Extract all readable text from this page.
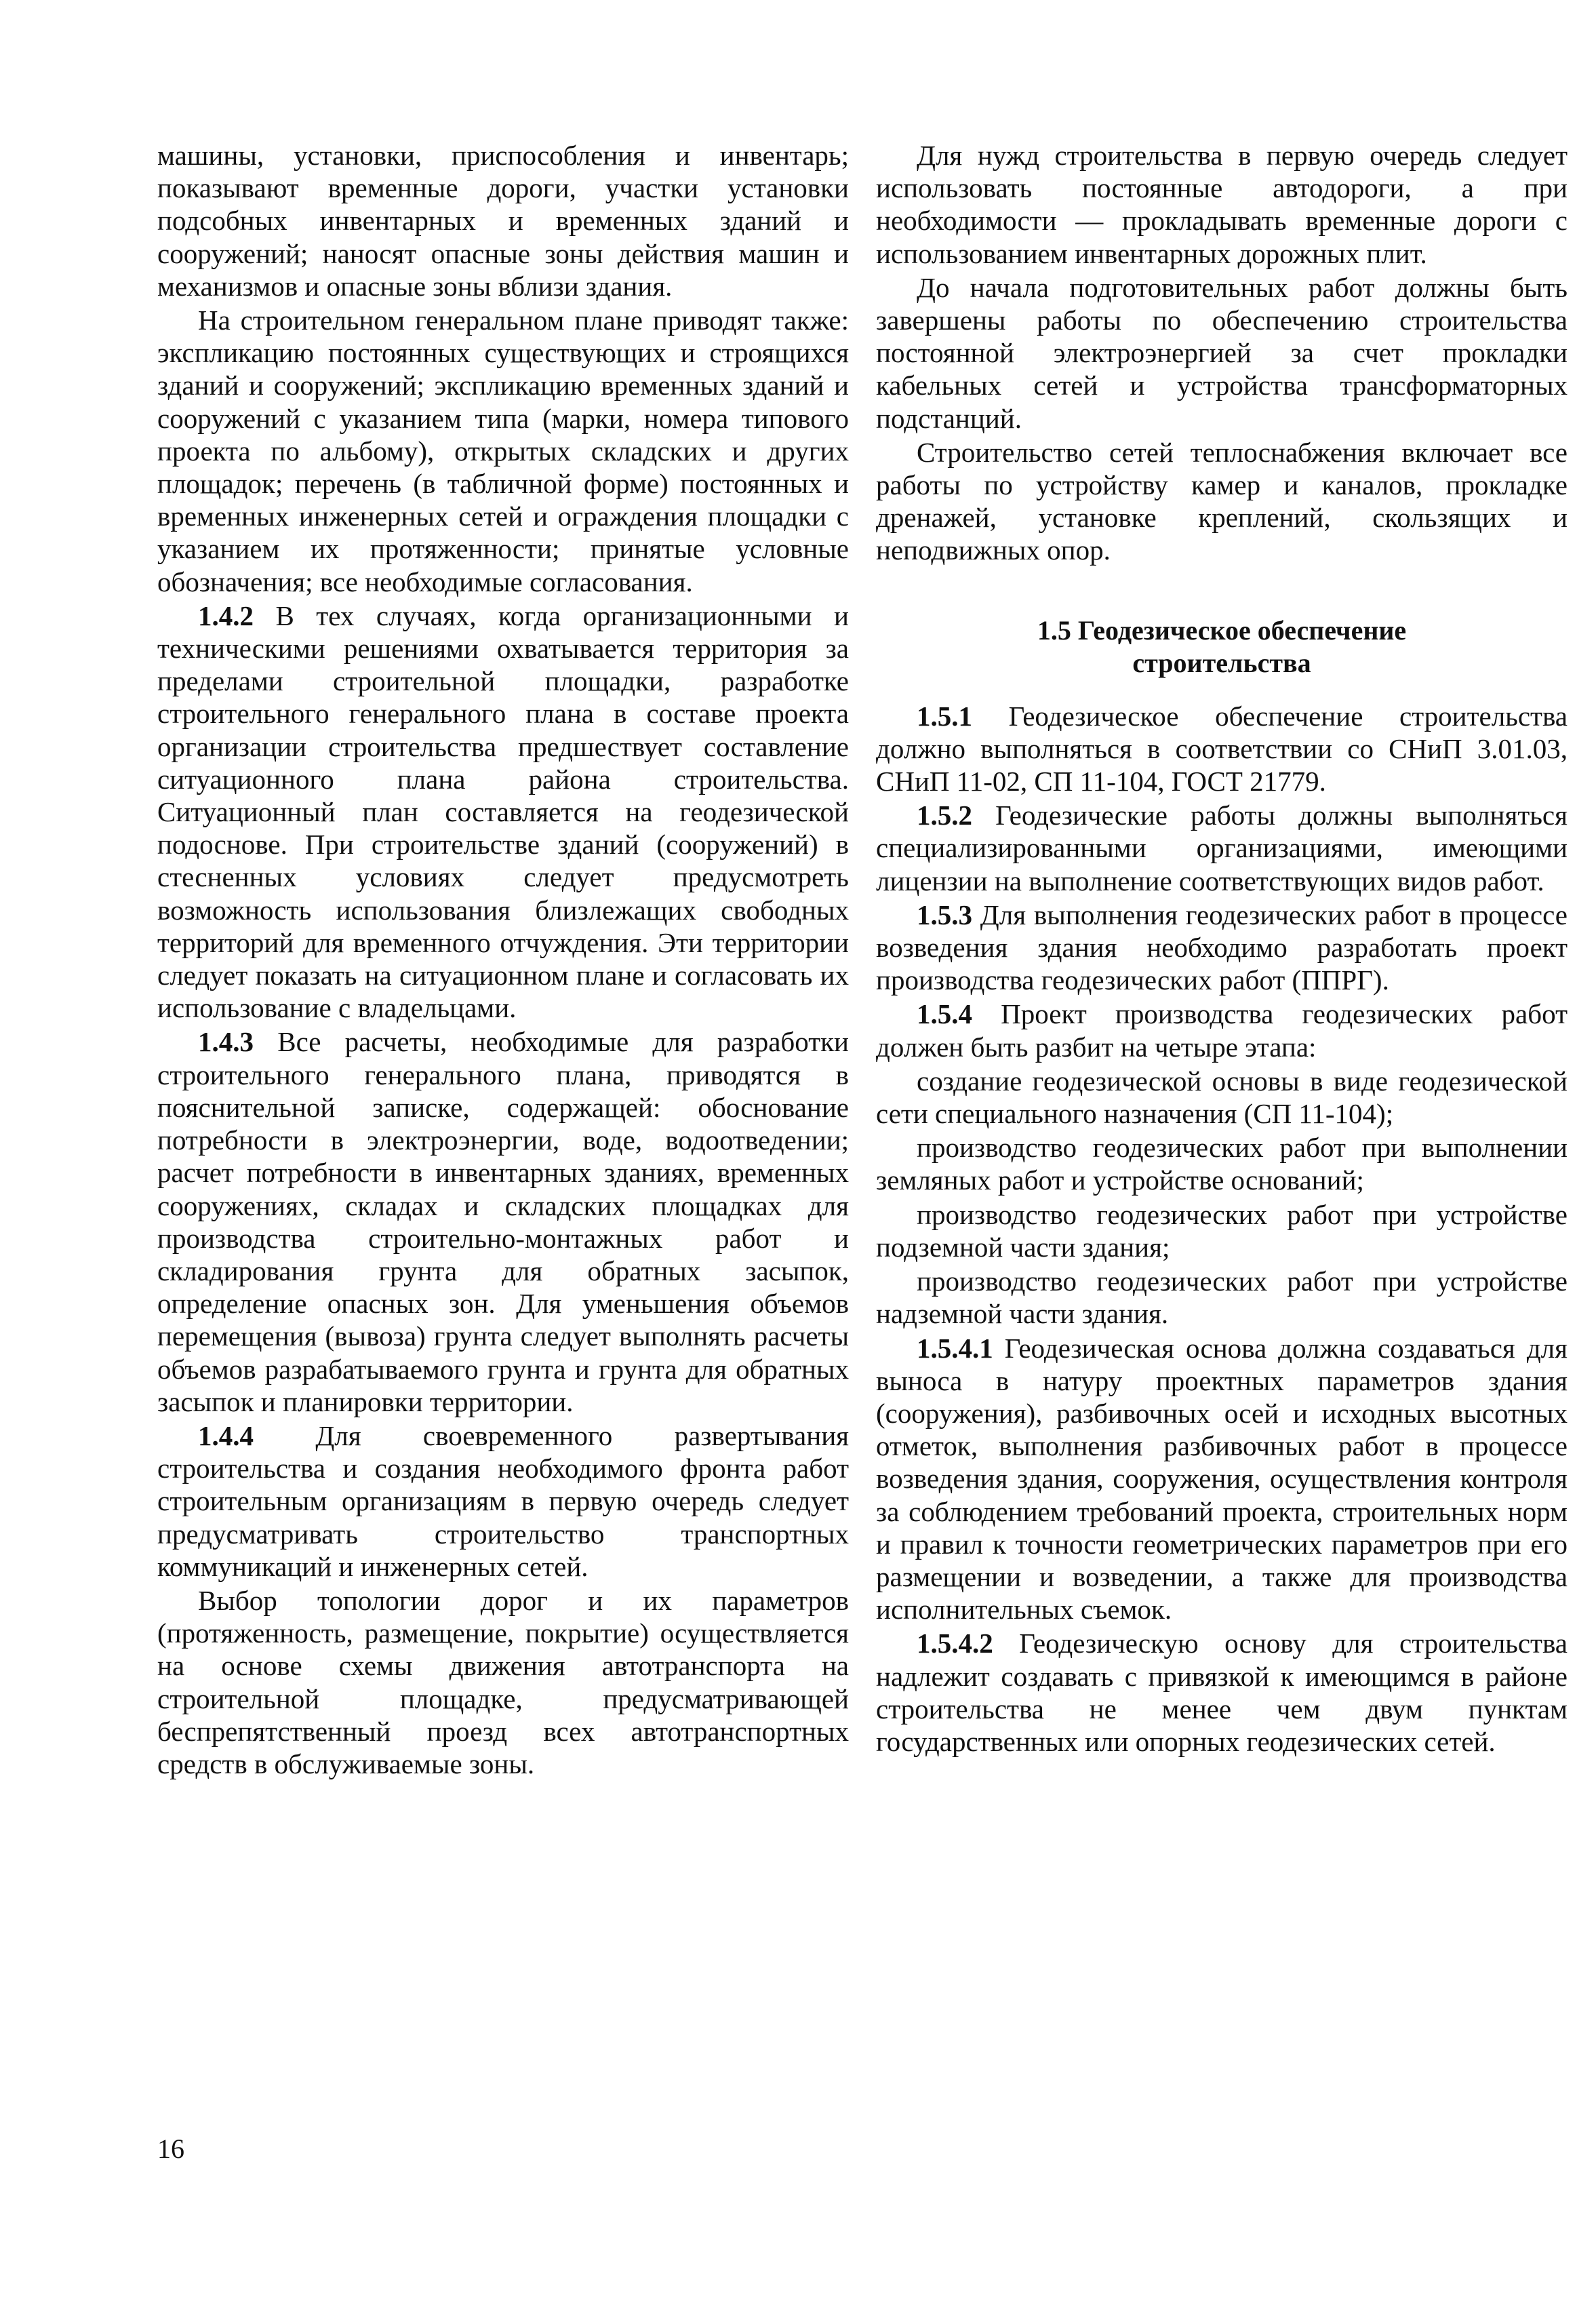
машины, установки, приспособления и инвентарь; показывают временные дороги, участки установки подсобных инвентарных и временных зданий и сооружений; наносят опасные зоны действия машин и механизмов и опасные зоны вблизи здания.

На строительном генеральном плане приводят также: экспликацию постоянных существующих и строящихся зданий и сооружений; экспликацию временных зданий и сооружений с указанием типа (марки, номера типового проекта по альбому), открытых складских и других площадок; перечень (в табличной форме) постоянных и временных инженерных сетей и ограждения площадки с указанием их протяженности; принятые условные обозначения; все необходимые согласования.

1.4.2 В тех случаях, когда организационными и техническими решениями охватывается территория за пределами строительной площадки, разработке строительного генерального плана в составе проекта организации строительства предшествует составление ситуационного плана района строительства. Ситуационный план составляется на геодезической подоснове. При строительстве зданий (сооружений) в стесненных условиях следует предусмотреть возможность использования близлежащих свободных территорий для временного отчуждения. Эти территории следует показать на ситуационном плане и согласовать их использование с владельцами.

1.4.3 Все расчеты, необходимые для разработки строительного генерального плана, приводятся в пояснительной записке, содержащей: обоснование потребности в электроэнергии, воде, водоотведении; расчет потребности в инвентарных зданиях, временных сооружениях, складах и складских площадках для производства строительно-монтажных работ и складирования грунта для обратных засыпок, определение опасных зон. Для уменьшения объемов перемещения (вывоза) грунта следует выполнять расчеты объемов разрабатываемого грунта и грунта для обратных засыпок и планировки территории.

1.4.4 Для своевременного развертывания строительства и создания необходимого фронта работ строительным организациям в первую очередь следует предусматривать строительство транспортных коммуникаций и инженерных сетей.

Выбор топологии дорог и их параметров (протяженность, размещение, покрытие) осуществляется на основе схемы движения автотранспорта на строительной площадке, предусматривающей беспрепятственный проезд всех автотранспортных средств в обслуживаемые зоны.

Для нужд строительства в первую очередь следует использовать постоянные автодороги, а при необходимости — прокладывать временные дороги с использованием инвентарных дорожных плит.

До начала подготовительных работ должны быть завершены работы по обеспечению строительства постоянной электроэнергией за счет прокладки кабельных сетей и устройства трансформаторных подстанций.

Строительство сетей теплоснабжения включает все работы по устройству камер и каналов, прокладке дренажей, установке креплений, скользящих и неподвижных опор.

1.5 Геодезическое обеспечение
строительства

1.5.1 Геодезическое обеспечение строительства должно выполняться в соответствии со СНиП 3.01.03, СНиП 11-02, СП 11-104, ГОСТ 21779.

1.5.2 Геодезические работы должны выполняться специализированными организациями, имеющими лицензии на выполнение соответствующих видов работ.

1.5.3 Для выполнения геодезических работ в процессе возведения здания необходимо разработать проект производства геодезических работ (ППРГ).

1.5.4 Проект производства геодезических работ должен быть разбит на четыре этапа:

создание геодезической основы в виде геодезической сети специального назначения (СП 11-104);

производство геодезических работ при выполнении земляных работ и устройстве оснований;

производство геодезических работ при устройстве подземной части здания;

производство геодезических работ при устройстве надземной части здания.

1.5.4.1 Геодезическая основа должна создаваться для выноса в натуру проектных параметров здания (сооружения), разбивочных осей и исходных высотных отметок, выполнения разбивочных работ в процессе возведения здания, сооружения, осуществления контроля за соблюдением требований проекта, строительных норм и правил к точности геометрических параметров при его размещении и возведении, а также для производства исполнительных съемок.

1.5.4.2 Геодезическую основу для строительства надлежит создавать с привязкой к имеющимся в районе строительства не менее чем двум пунктам государственных или опорных геодезических сетей.

16
